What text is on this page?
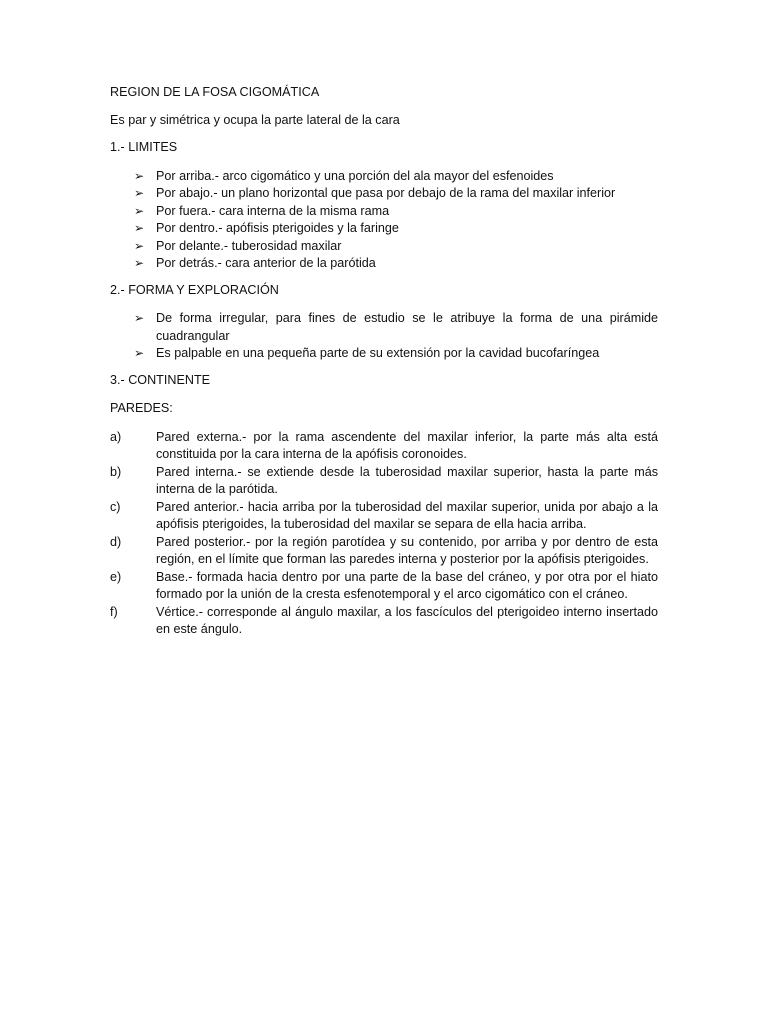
REGION DE LA FOSA CIGOMÁTICA

Es par y simétrica y ocupa la parte lateral de la cara

1.- LIMITES

➢ Por arriba.- arco cigomático y una porción del ala mayor del esfenoides
➢ Por abajo.- un plano horizontal que pasa por debajo de la rama del maxilar inferior
➢ Por fuera.- cara interna de la misma rama
➢ Por dentro.- apófisis pterigoides y la faringe
➢ Por delante.- tuberosidad maxilar
➢ Por detrás.- cara anterior de la parótida

2.- FORMA Y EXPLORACIÓN

➢ De forma irregular, para fines de estudio se le atribuye la forma de una pirámide cuadrangular
➢ Es palpable en una pequeña parte de su extensión por la cavidad bucofaríngea

3.- CONTINENTE

PAREDES:

a)	Pared externa.- por la rama ascendente del maxilar inferior, la parte más alta está constituida por la cara interna de la apófisis coronoides.
b)	Pared interna.- se extiende desde la tuberosidad maxilar superior, hasta la parte más interna de la parótida.
c)	Pared anterior.- hacia arriba por la tuberosidad del maxilar superior, unida por abajo a la apófisis pterigoides, la tuberosidad del maxilar se separa de ella hacia arriba.
d)	Pared posterior.- por la región parotídea y su contenido, por arriba y por dentro de esta región, en el límite que forman las paredes interna y posterior por la apófisis pterigoides.
e)	Base.- formada hacia dentro por una parte de la base del cráneo, y por otra por el hiato formado por la unión de la cresta esfenotemporal y el arco cigomático con el cráneo.
f)	Vértice.- corresponde al ángulo maxilar, a los fascículos del pterigoideo interno insertado en este ángulo.
